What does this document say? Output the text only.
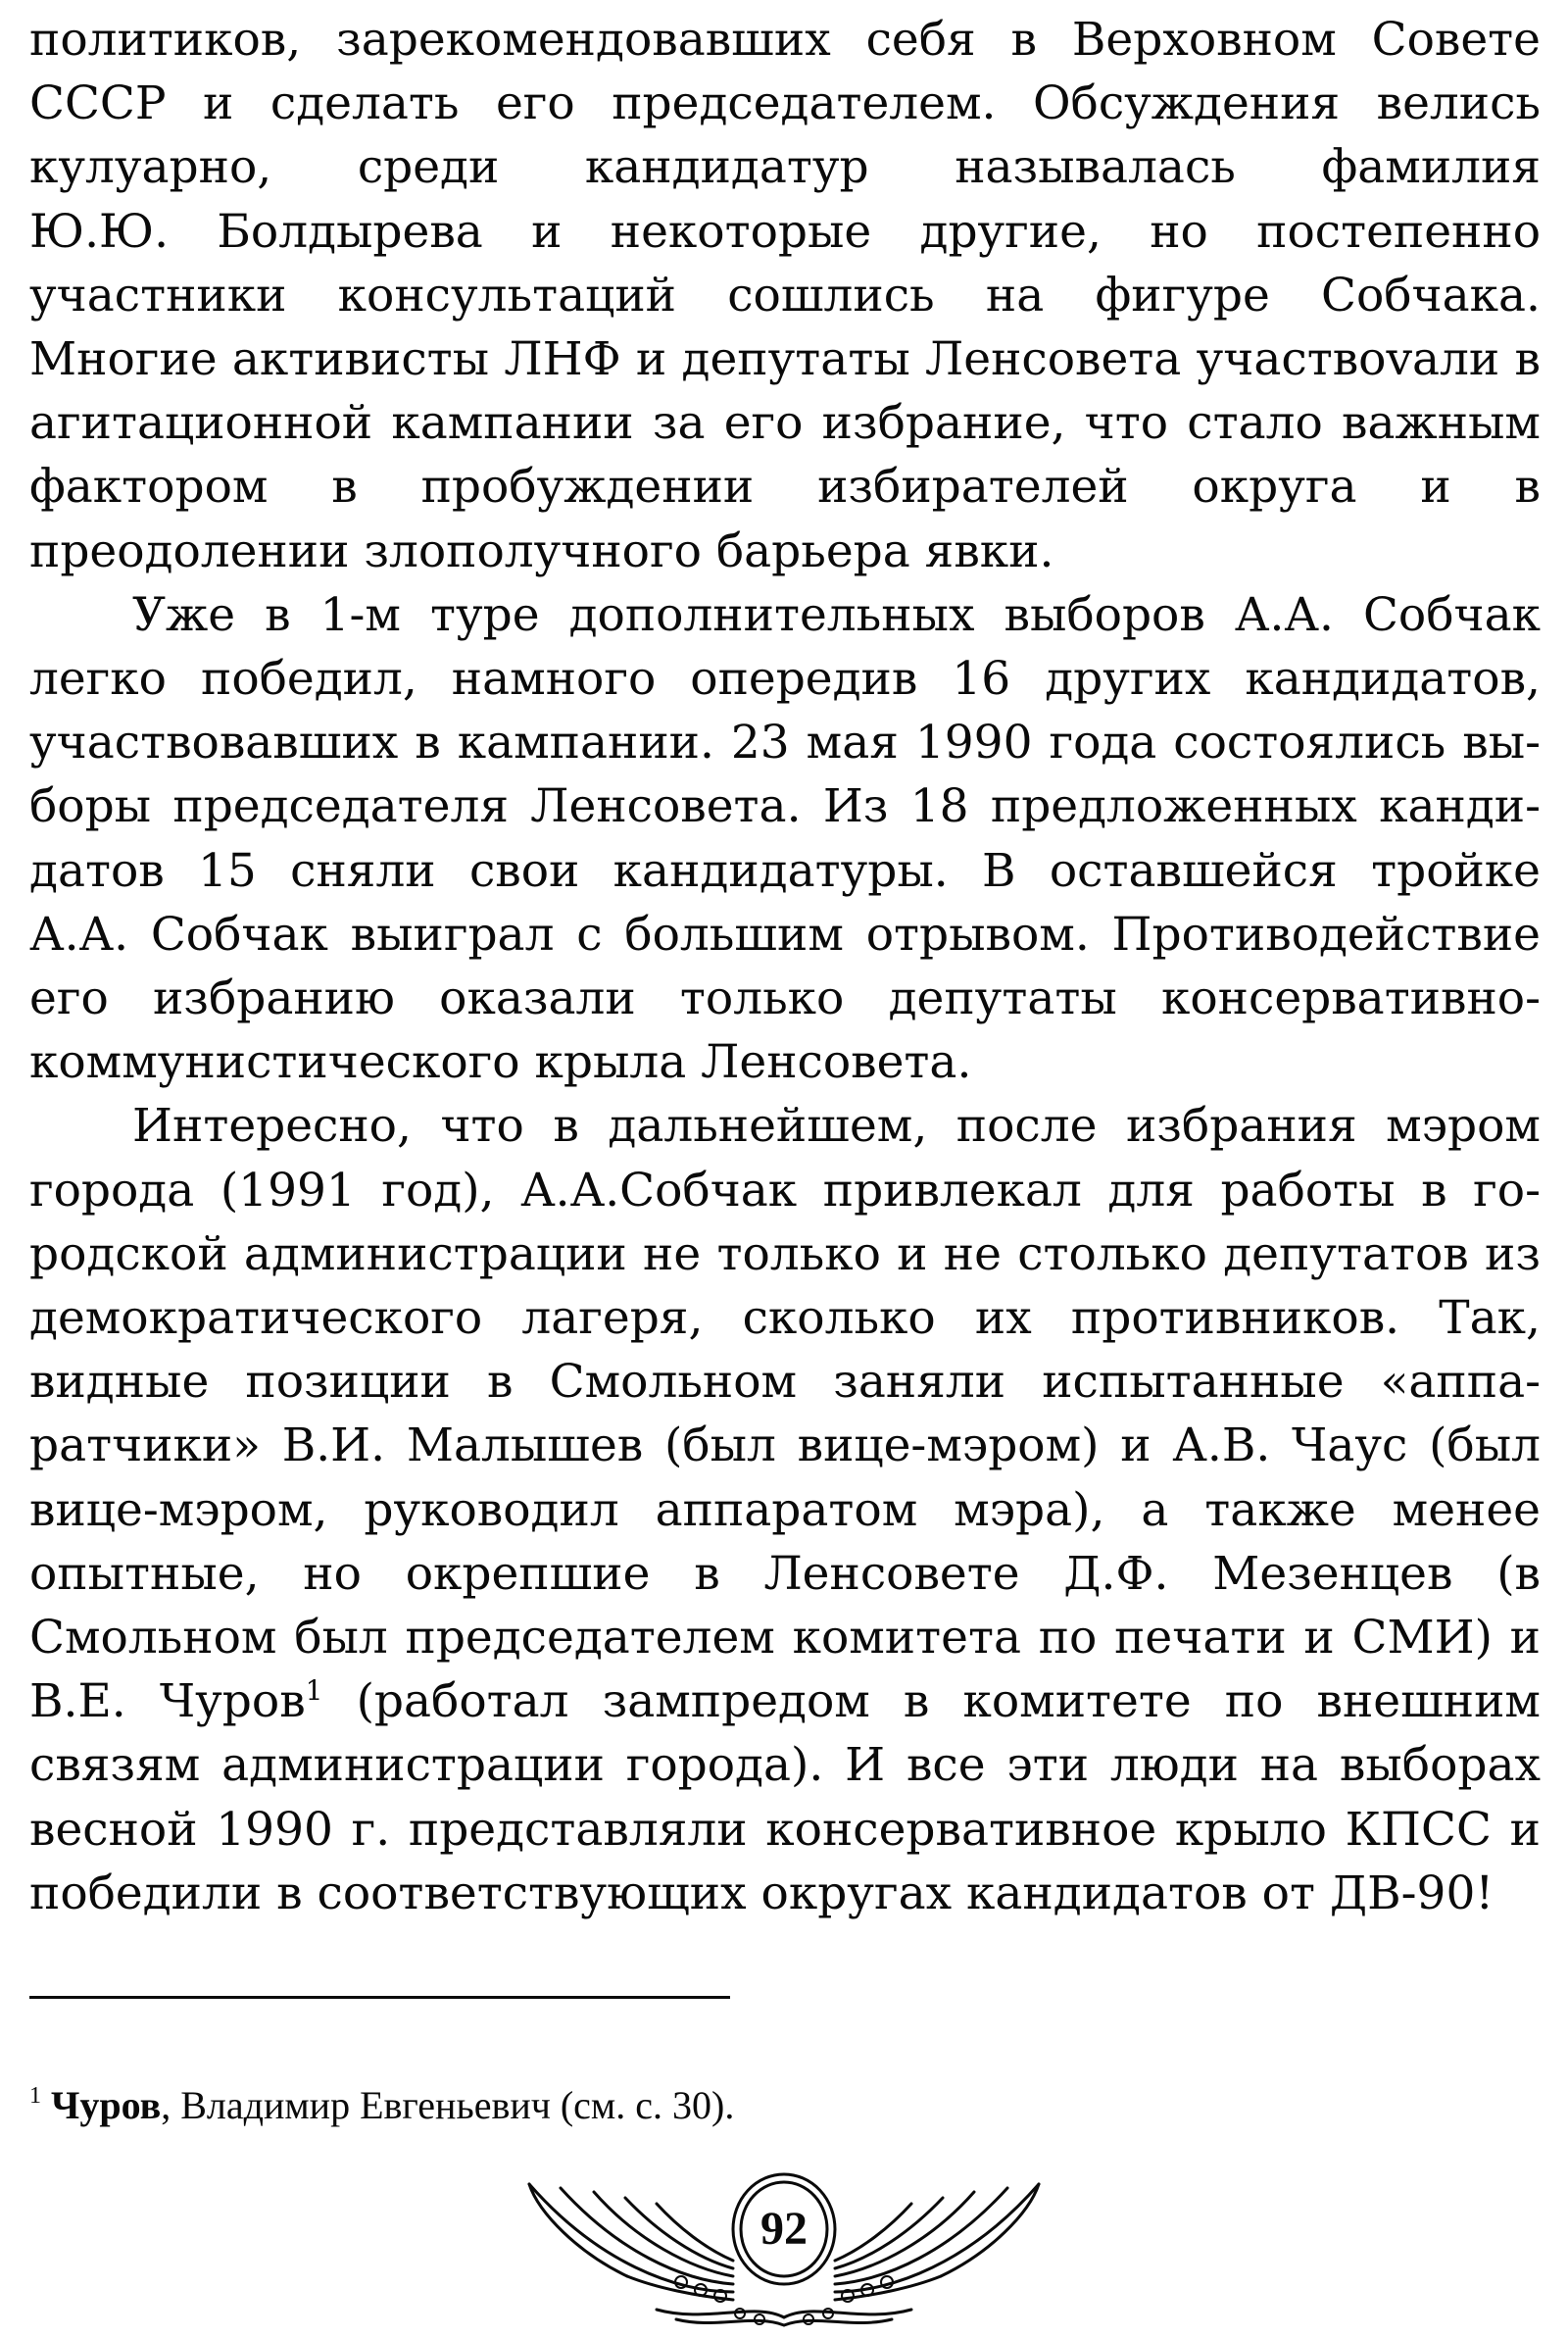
политиков, зарекомендовавших себя в Верховном Совете СССР и сделать его председателем. Обсуждения велись кулуарно, среди кандидатур называлась фамилия Ю.Ю. Болдырева и некоторые другие, но постепенно участники консультаций сошлись на фигуре Собчака. Многие активисты ЛНФ и депутаты Ленсовета участвоvали в агитационной кампании за его избрание, что стало важным фактором в пробуждении избирателей округа и в преодолении злополучного барьера явки.

Уже в 1-м туре дополнительных выборов А.А. Собчак легко победил, намного опередив 16 других кандидатов, участвовавших в кампании. 23 мая 1990 года состоялись выборы председателя Ленсовета. Из 18 предложенных кандидатов 15 сняли свои кандидатуры. В оставшейся тройке А.А. Собчак выиграл с большим отрывом. Противодействие его избранию оказали только депутаты консервативно-коммунистического крыла Ленсовета.

Интересно, что в дальнейшем, после избрания мэром города (1991 год), А.А.Собчак привлекал для работы в городской администрации не только и не столько депутатов из демократического лагеря, сколько их противников. Так, видные позиции в Смольном заняли испытанные «аппаратчики» В.И. Малышев (был вице-мэром) и А.В. Чаус (был вице-мэром, руководил аппаратом мэра), а также менее опытные, но окрепшие в Ленсовете Д.Ф. Мезенцев (в Смольном был председателем комитета по печати и СМИ) и В.Е. Чуров$^1$ (работал зампредом в комитете по внешним связям администрации города). И все эти люди на выборах весной 1990 г. представляли консервативное крыло КПСС и победили в соответствующих округах кандидатов от ДВ-90!

$^1$ Чуров, Владимир Евгеньевич (см. с. 30).

92
